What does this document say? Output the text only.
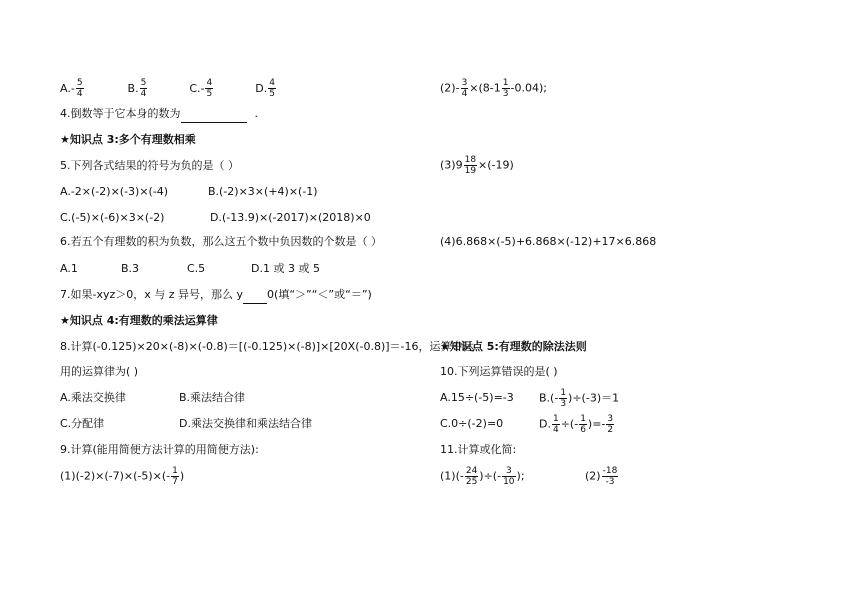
$A.- \frac{5}{4}$	B. $\frac{5}{4}$	$C.- \frac{4}{5}$	D. $\frac{4}{5}$
4.倒数等于它本身的数为	.
★知识点 3:多个有理数相乘
5.下列各式结果的符号为负的是（ ）
A.-2×(-2)×(-3)×(-4)	B.(-2)×3×(+4)×(-1)
C.(-5)×(-6)×3×(-2)	D.(-13.9)×(-2017)×(2018)×0
6.若五个有理数的积为负数，那么这五个数中负因数的个数是（ ）
A.1	B.3	C.5	D.1 或 3 或 5
7.如果-xyz＞0，x 与 z 异号，那么 y 0(填“＞”“＜”或“＝”)
★知识点 4:有理数的乘法运算律
8.计算(-0.125)×20×(-8)×(-0.8)＝[(-0.125)×(-8)]×[20X(-0.8)]＝-16，运算中运
用的运算律为( )
A.乘法交换律	B.乘法结合律
C.分配律	D.乘法交换律和乘法结合律
9.计算(能用简便方法计算的用简便方法):
$(1)(-2)\times(-7)\times(-5)\times(- \frac{1}{7}$ )
$(2)- \frac{3}{4} \times(8-1 \frac{1}{3} -0.04)$;
$(3)9 \frac{18}{19} \times(-19)$
(4)6.868×(-5)+6.868×(-12)+17×6.868
★知识点 5:有理数的除法法则
10.下列运算错误的是( )
A.15÷(-5)=-3 $B.(- \frac{1}{3} )\div(-3)=1$
C.0÷(-2)=0	D. $\frac{1}{4}$ ÷(- $\frac{1}{6}$ )=- $\frac{3}{2}$
11.计算或化简:
$(1)(- \frac{24}{25}$ )÷(- $\frac{3}{10}$ );	$(2) \frac{-18}{-3}$
